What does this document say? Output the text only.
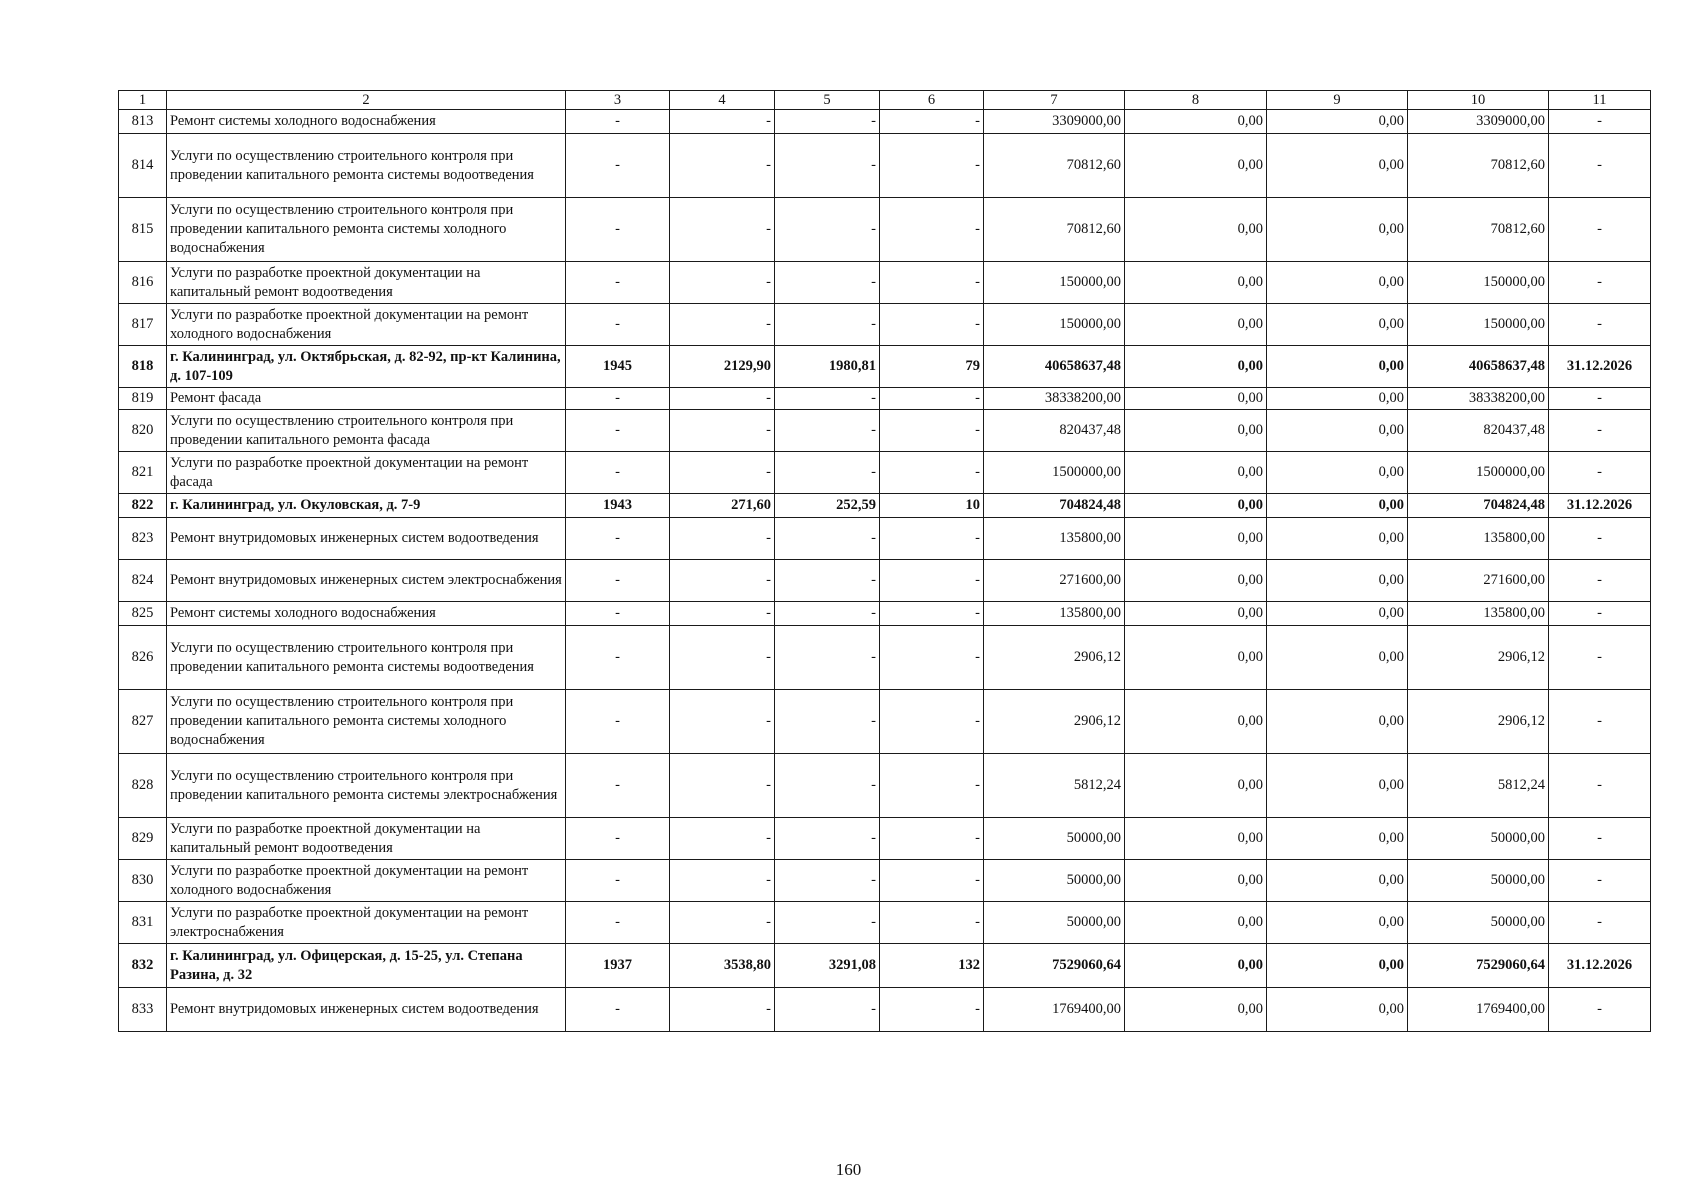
1	2	3	4	5	6	7	8	9	10	11
813	Ремонт системы холодного водоснабжения	-	-	-	-	3309000,00	0,00	0,00	3309000,00	-
814	Услуги по осуществлению строительного контроля при проведении капитального ремонта системы водоотведения	-	-	-	-	70812,60	0,00	0,00	70812,60	-
815	Услуги по осуществлению строительного контроля при проведении капитального ремонта системы холодного водоснабжения	-	-	-	-	70812,60	0,00	0,00	70812,60	-
816	Услуги по разработке проектной документации на капитальный ремонт водоотведения	-	-	-	-	150000,00	0,00	0,00	150000,00	-
817	Услуги по разработке проектной документации на ремонт холодного водоснабжения	-	-	-	-	150000,00	0,00	0,00	150000,00	-
818	г. Калининград, ул. Октябрьская, д. 82-92, пр-кт Калинина, д. 107-109	1945	2129,90	1980,81	79	40658637,48	0,00	0,00	40658637,48	31.12.2026
819	Ремонт фасада	-	-	-	-	38338200,00	0,00	0,00	38338200,00	-
820	Услуги по осуществлению строительного контроля при проведении капитального ремонта фасада	-	-	-	-	820437,48	0,00	0,00	820437,48	-
821	Услуги по разработке проектной документации на ремонт фасада	-	-	-	-	1500000,00	0,00	0,00	1500000,00	-
822	г. Калининград, ул. Окуловская, д. 7-9	1943	271,60	252,59	10	704824,48	0,00	0,00	704824,48	31.12.2026
823	Ремонт внутридомовых инженерных систем водоотведения	-	-	-	-	135800,00	0,00	0,00	135800,00	-
824	Ремонт внутридомовых инженерных систем электроснабжения	-	-	-	-	271600,00	0,00	0,00	271600,00	-
825	Ремонт системы холодного водоснабжения	-	-	-	-	135800,00	0,00	0,00	135800,00	-
826	Услуги по осуществлению строительного контроля при проведении капитального ремонта системы водоотведения	-	-	-	-	2906,12	0,00	0,00	2906,12	-
827	Услуги по осуществлению строительного контроля при проведении капитального ремонта системы холодного водоснабжения	-	-	-	-	2906,12	0,00	0,00	2906,12	-
828	Услуги по осуществлению строительного контроля при проведении капитального ремонта системы электроснабжения	-	-	-	-	5812,24	0,00	0,00	5812,24	-
829	Услуги по разработке проектной документации на капитальный ремонт водоотведения	-	-	-	-	50000,00	0,00	0,00	50000,00	-
830	Услуги по разработке проектной документации на ремонт холодного водоснабжения	-	-	-	-	50000,00	0,00	0,00	50000,00	-
831	Услуги по разработке проектной документации на ремонт электроснабжения	-	-	-	-	50000,00	0,00	0,00	50000,00	-
832	г. Калининград, ул. Офицерская, д. 15-25, ул. Степана Разина, д. 32	1937	3538,80	3291,08	132	7529060,64	0,00	0,00	7529060,64	31.12.2026
833	Ремонт внутридомовых инженерных систем водоотведения	-	-	-	-	1769400,00	0,00	0,00	1769400,00	-
160
